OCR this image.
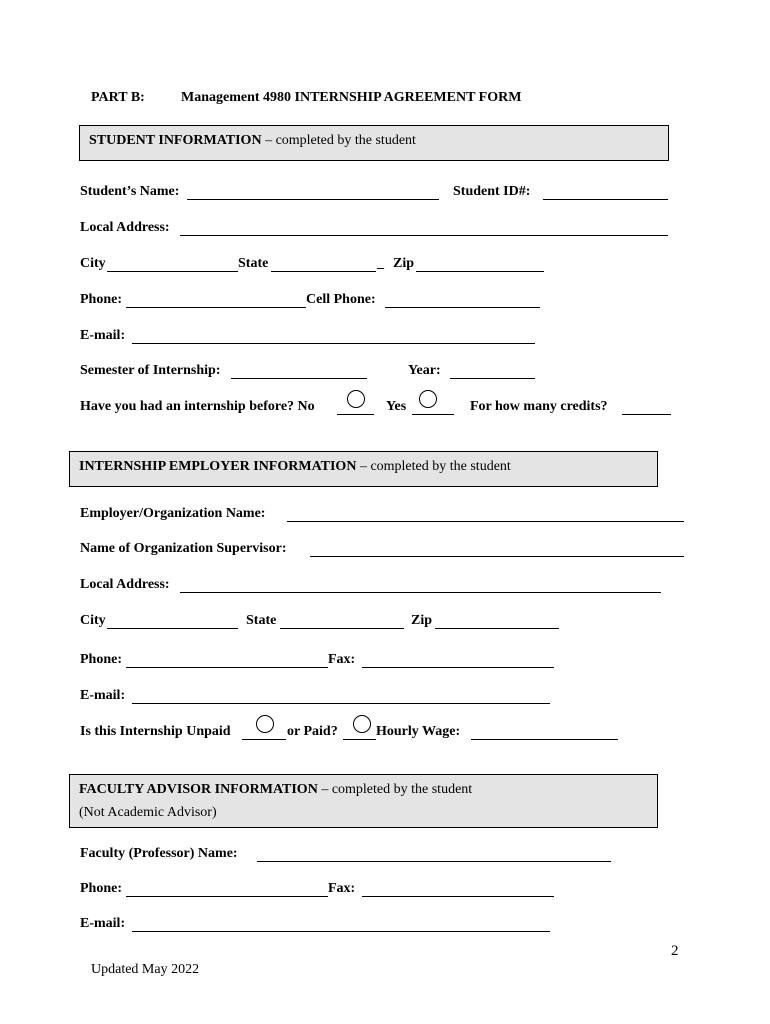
PART B:	Management 4980 INTERNSHIP AGREEMENT FORM
STUDENT INFORMATION – completed by the student
Student’s Name:	Student ID#:
Local Address:
City	State	_ Zip
Phone:	Cell Phone:
E-mail:
Semester of Internship:	Year:
Have you had an internship before? No	Yes	For how many credits?
INTERNSHIP EMPLOYER INFORMATION – completed by the student
Employer/Organization Name:
Name of Organization Supervisor:
Local Address:
City	State	Zip
Phone:	Fax:
E-mail:
Is this Internship Unpaid	or Paid?	Hourly Wage:
FACULTY ADVISOR INFORMATION – completed by the student
(Not Academic Advisor)
Faculty (Professor) Name:
Phone:	Fax:
E-mail:
2
Updated May 2022
